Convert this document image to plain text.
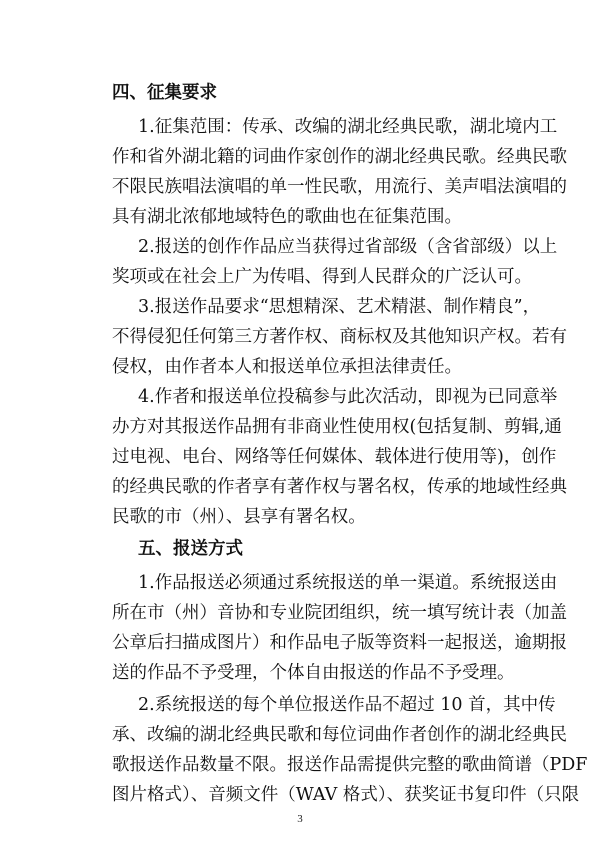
四、征集要求
1.征集范围：传承、改编的湖北经典民歌，湖北境内工
作和省外湖北籍的词曲作家创作的湖北经典民歌。经典民歌
不限民族唱法演唱的单一性民歌，用流行、美声唱法演唱的
具有湖北浓郁地域特色的歌曲也在征集范围。
2.报送的创作作品应当获得过省部级（含省部级）以上
奖项或在社会上广为传唱、得到人民群众的广泛认可。
3.报送作品要求“思想精深、艺术精湛、制作精良”，
不得侵犯任何第三方著作权、商标权及其他知识产权。若有
侵权，由作者本人和报送单位承担法律责任。
4.作者和报送单位投稿参与此次活动，即视为已同意举
办方对其报送作品拥有非商业性使用权(包括复制、剪辑,通
过电视、电台、网络等任何媒体、载体进行使用等)，创作
的经典民歌的作者享有著作权与署名权，传承的地域性经典
民歌的市（州）、县享有署名权。
五、报送方式
1.作品报送必须通过系统报送的单一渠道。系统报送由
所在市（州）音协和专业院团组织，统一填写统计表（加盖
公章后扫描成图片）和作品电子版等资料一起报送，逾期报
送的作品不予受理，个体自由报送的作品不予受理。
2.系统报送的每个单位报送作品不超过 10 首，其中传
承、改编的湖北经典民歌和每位词曲作者创作的湖北经典民
歌报送作品数量不限。报送作品需提供完整的歌曲简谱（PDF
图片格式）、音频文件（WAV 格式）、获奖证书复印件（只限
3
